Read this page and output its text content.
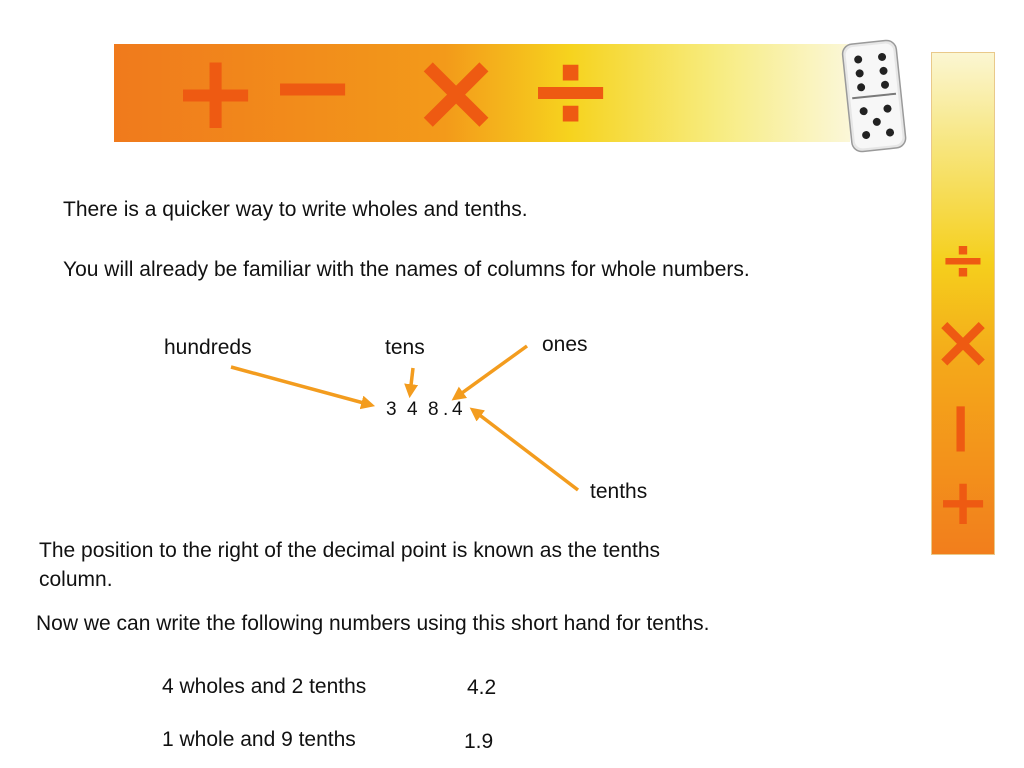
+ − × ÷
÷
×
−
+

There is a quicker way to write wholes and tenths.

You will already be familiar with the names of columns for whole numbers.

hundreds	tens	ones
tenths
3 4 8 . 4

The position to the right of the decimal point is known as the tenths column.

Now we can write the following numbers using this short hand for tenths.

4 wholes and 2 tenths	4.2
1 whole and 9 tenths	1.9
